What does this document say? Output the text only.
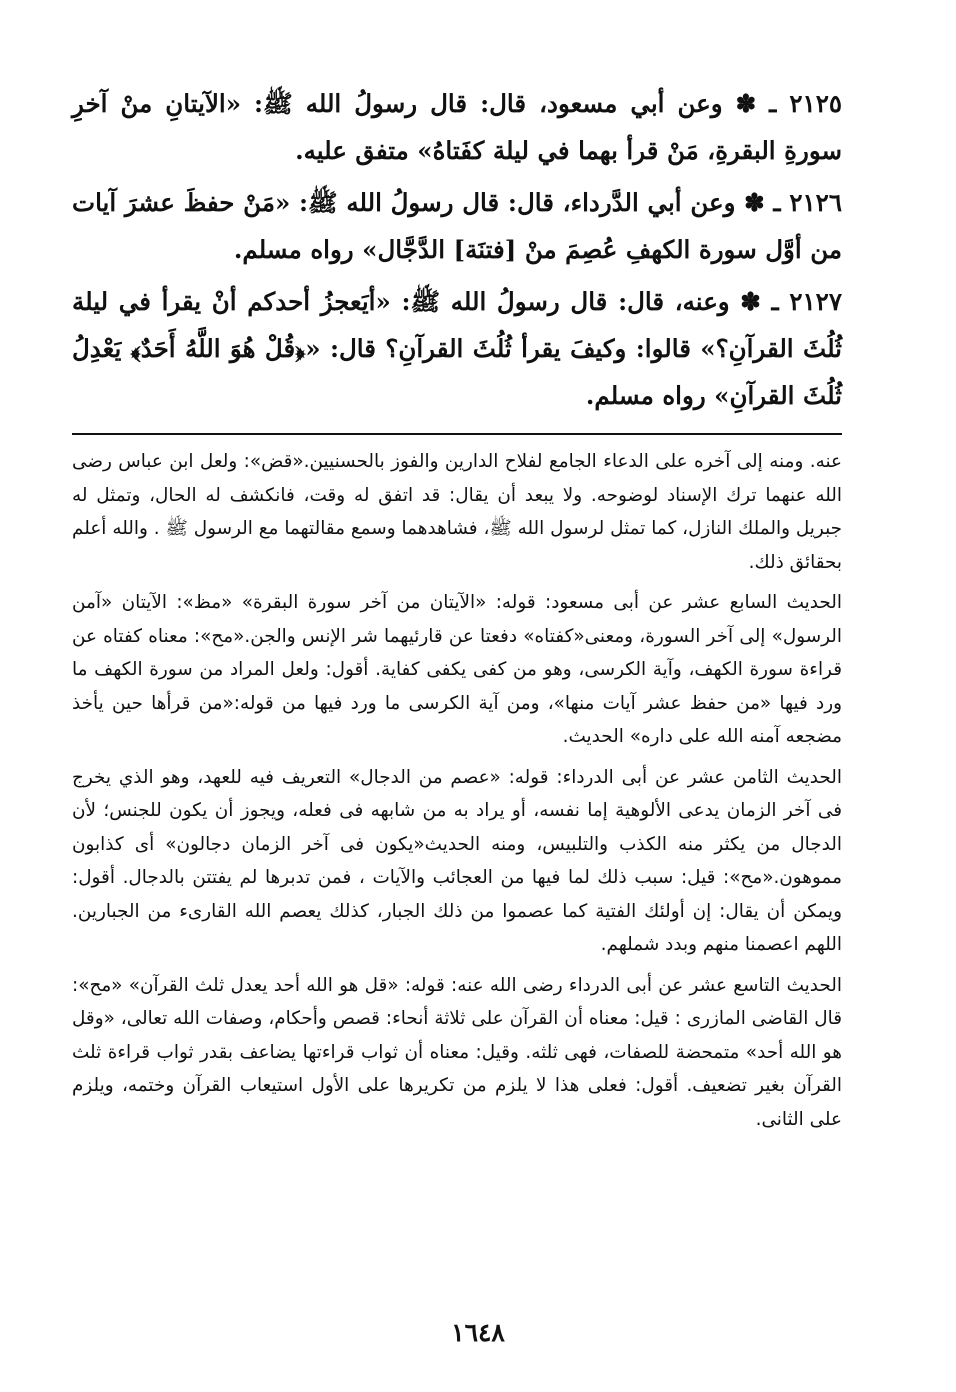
٢١٢٥ ـ ✽ وعن أبي مسعود، قال: قال رسولُ الله ﷺ: «الآيتانِ منْ آخرِ سورةِ البقرةِ، مَنْ قرأ بهما في ليلة كفَتاهُ» متفق عليه.

٢١٢٦ ـ ✽ وعن أبي الدَّرداء، قال: قال رسولُ الله ﷺ: «مَنْ حفظَ عشرَ آيات من أوَّل سورة الكهفِ عُصِمَ منْ [فتنَة] الدَّجَّال» رواه مسلم.

٢١٢٧ ـ ✽ وعنه، قال: قال رسولُ الله ﷺ: «أيَعجزُ أحدكم أنْ يقرأ في ليلة ثُلُثَ القرآنِ؟» قالوا: وكيفَ يقرأ ثُلُثَ القرآنِ؟ قال: «﴿قُلْ هُوَ اللَّهُ أَحَدٌ﴾ يَعْدِلُ ثُلُثَ القرآنِ» رواه مسلم.

عنه. ومنه إلى آخره على الدعاء الجامع لفلاح الدارين والفوز بالحسنيين.«قض»: ولعل ابن عباس رضى الله عنهما ترك الإسناد لوضوحه. ولا يبعد أن يقال: قد اتفق له وقت، فانكشف له الحال، وتمثل له جبريل والملك النازل، كما تمثل لرسول الله ﷺ، فشاهدهما وسمع مقالتهما مع الرسول ﷺ . والله أعلم بحقائق ذلك.

الحديث السابع عشر عن أبى مسعود: قوله: «الآيتان من آخر سورة البقرة» «مظ»: الآيتان «آمن الرسول» إلى آخر السورة، ومعنى«كفتاه» دفعتا عن قارئيهما شر الإنس والجن.«مح»: معناه كفتاه عن قراءة سورة الكهف، وآية الكرسى، وهو من كفى يكفى كفاية. أقول: ولعل المراد من سورة الكهف ما ورد فيها «من حفظ عشر آيات منها»، ومن آية الكرسى ما ورد فيها من قوله:«من قرأها حين يأخذ مضجعه آمنه الله على داره» الحديث.

الحديث الثامن عشر عن أبى الدرداء: قوله: «عصم من الدجال» التعريف فيه للعهد، وهو الذي يخرج فى آخر الزمان يدعى الألوهية إما نفسه، أو يراد به من شابهه فى فعله، ويجوز أن يكون للجنس؛ لأن الدجال من يكثر منه الكذب والتلبيس، ومنه الحديث«يكون فى آخر الزمان دجالون» أى كذابون مموهون.«مح»: قيل: سبب ذلك لما فيها من العجائب والآيات ، فمن تدبرها لم يفتتن بالدجال. أقول: ويمكن أن يقال: إن أولئك الفتية كما عصموا من ذلك الجبار، كذلك يعصم الله القارىء من الجبارين. اللهم اعصمنا منهم وبدد شملهم.

الحديث التاسع عشر عن أبى الدرداء رضى الله عنه: قوله: «قل هو الله أحد يعدل ثلث القرآن» «مح»: قال القاضى المازرى : قيل: معناه أن القرآن على ثلاثة أنحاء: قصص وأحكام، وصفات الله تعالى، «وقل هو الله أحد» متمحضة للصفات، فهى ثلثه. وقيل: معناه أن ثواب قراءتها يضاعف بقدر ثواب قراءة ثلث القرآن بغير تضعيف. أقول: فعلى هذا لا يلزم من تكريرها على الأول استيعاب القرآن وختمه، ويلزم على الثانى.

١٦٤٨
